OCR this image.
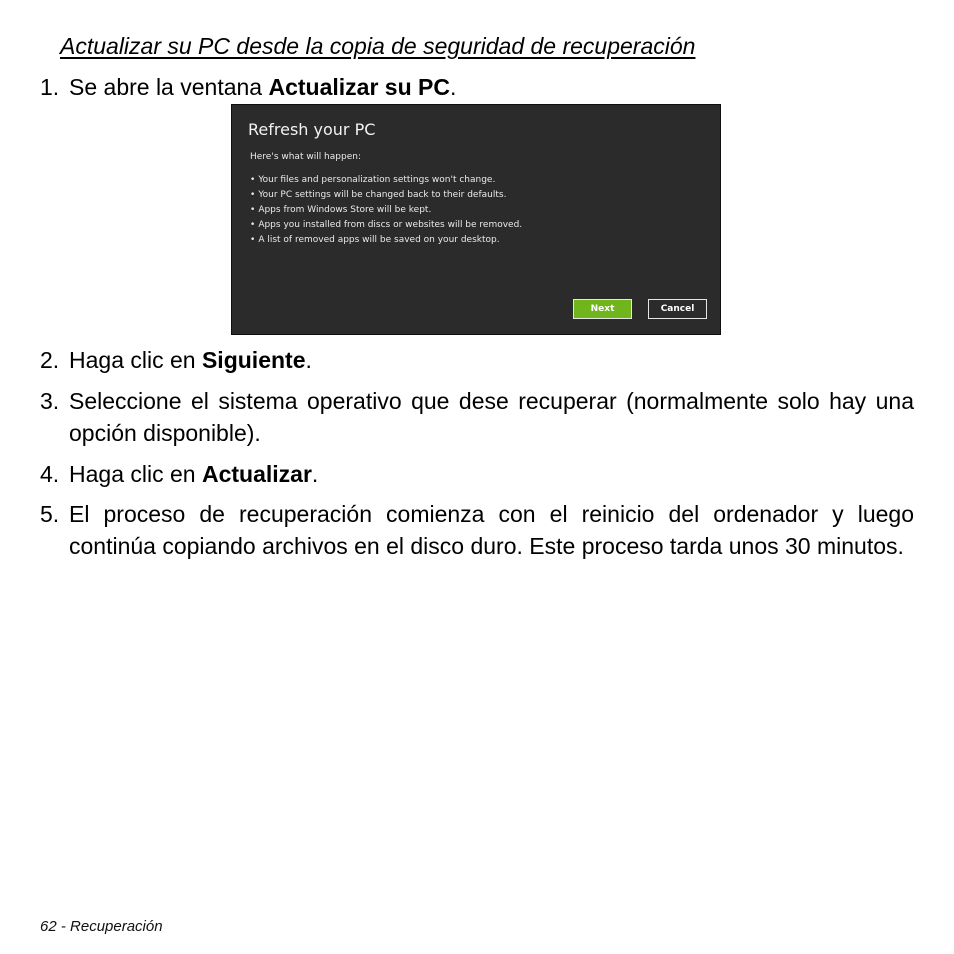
Actualizar su PC desde la copia de seguridad de recuperación
1. Se abre la ventana Actualizar su PC.
Refresh your PC
Here's what will happen:
• Your files and personalization settings won't change.
• Your PC settings will be changed back to their defaults.
• Apps from Windows Store will be kept.
• Apps you installed from discs or websites will be removed.
• A list of removed apps will be saved on your desktop.
Next	Cancel
2. Haga clic en Siguiente.
3. Seleccione el sistema operativo que dese recuperar (normalmente solo hay una opción disponible).
4. Haga clic en Actualizar.
5. El proceso de recuperación comienza con el reinicio del ordenador y luego continúa copiando archivos en el disco duro. Este proceso tarda unos 30 minutos.
62 - Recuperación
